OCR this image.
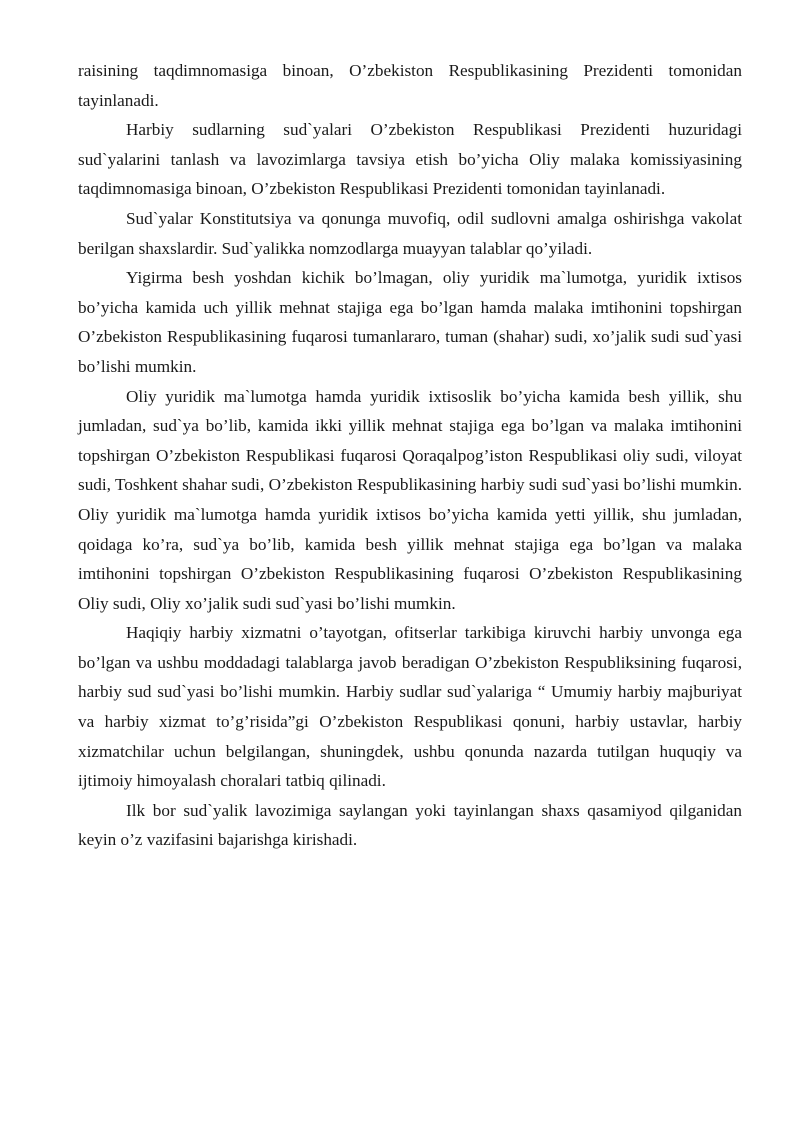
raisining taqdimnomasiga binoan, O’zbekiston Respublikasining Prezidenti tomonidan tayinlanadi.

Harbiy sudlarning sud`yalari O’zbekiston Respublikasi Prezidenti huzuridagi sud`yalarini tanlash va lavozimlarga tavsiya etish bo’yicha Oliy malaka komissiyasining taqdimnomasiga binoan, O’zbekiston Respublikasi Prezidenti tomonidan tayinlanadi.

Sud`yalar Konstitutsiya va qonunga muvofiq, odil sudlovni amalga oshirishga vakolat berilgan shaxslardir. Sud`yalikka nomzodlarga muayyan talablar qo’yiladi.

Yigirma besh yoshdan kichik bo’lmagan, oliy yuridik ma`lumotga, yuridik ixtisos bo’yicha kamida uch yillik mehnat stajiga ega bo’lgan hamda malaka imtihonini topshirgan O’zbekiston Respublikasining fuqarosi tumanlararo, tuman (shahar) sudi, xo’jalik sudi sud`yasi bo’lishi mumkin.

Oliy yuridik ma`lumotga hamda yuridik ixtisoslik bo’yicha kamida besh yillik, shu jumladan, sud`ya bo’lib, kamida ikki yillik mehnat stajiga ega bo’lgan va malaka imtihonini topshirgan O’zbekiston Respublikasi fuqarosi Qoraqalpog’iston Respublikasi oliy sudi, viloyat sudi, Toshkent shahar sudi, O’zbekiston Respublikasining harbiy sudi sud`yasi bo’lishi mumkin. Oliy yuridik ma`lumotga hamda yuridik ixtisos bo’yicha kamida yetti yillik, shu jumladan, qoidaga ko’ra, sud`ya bo’lib, kamida besh yillik mehnat stajiga ega bo’lgan va malaka imtihonini topshirgan O’zbekiston Respublikasining fuqarosi O’zbekiston Respublikasining Oliy sudi, Oliy xo’jalik sudi sud`yasi bo’lishi mumkin.

Haqiqiy harbiy xizmatni o’tayotgan, ofitserlar tarkibiga kiruvchi harbiy unvonga ega bo’lgan va ushbu moddadagi talablarga javob beradigan O’zbekiston Respubliksining fuqarosi, harbiy sud sud`yasi bo’lishi mumkin. Harbiy sudlar sud`yalariga “ Umumiy harbiy majburiyat va harbiy xizmat to’g’risida”gi O’zbekiston Respublikasi qonuni, harbiy ustavlar, harbiy xizmatchilar uchun belgilangan, shuningdek, ushbu qonunda nazarda tutilgan huquqiy va ijtimoiy himoyalash choralari tatbiq qilinadi.

Ilk bor sud`yalik lavozimiga saylangan yoki tayinlangan shaxs qasamiyod qilganidan keyin o’z vazifasini bajarishga kirishadi.
